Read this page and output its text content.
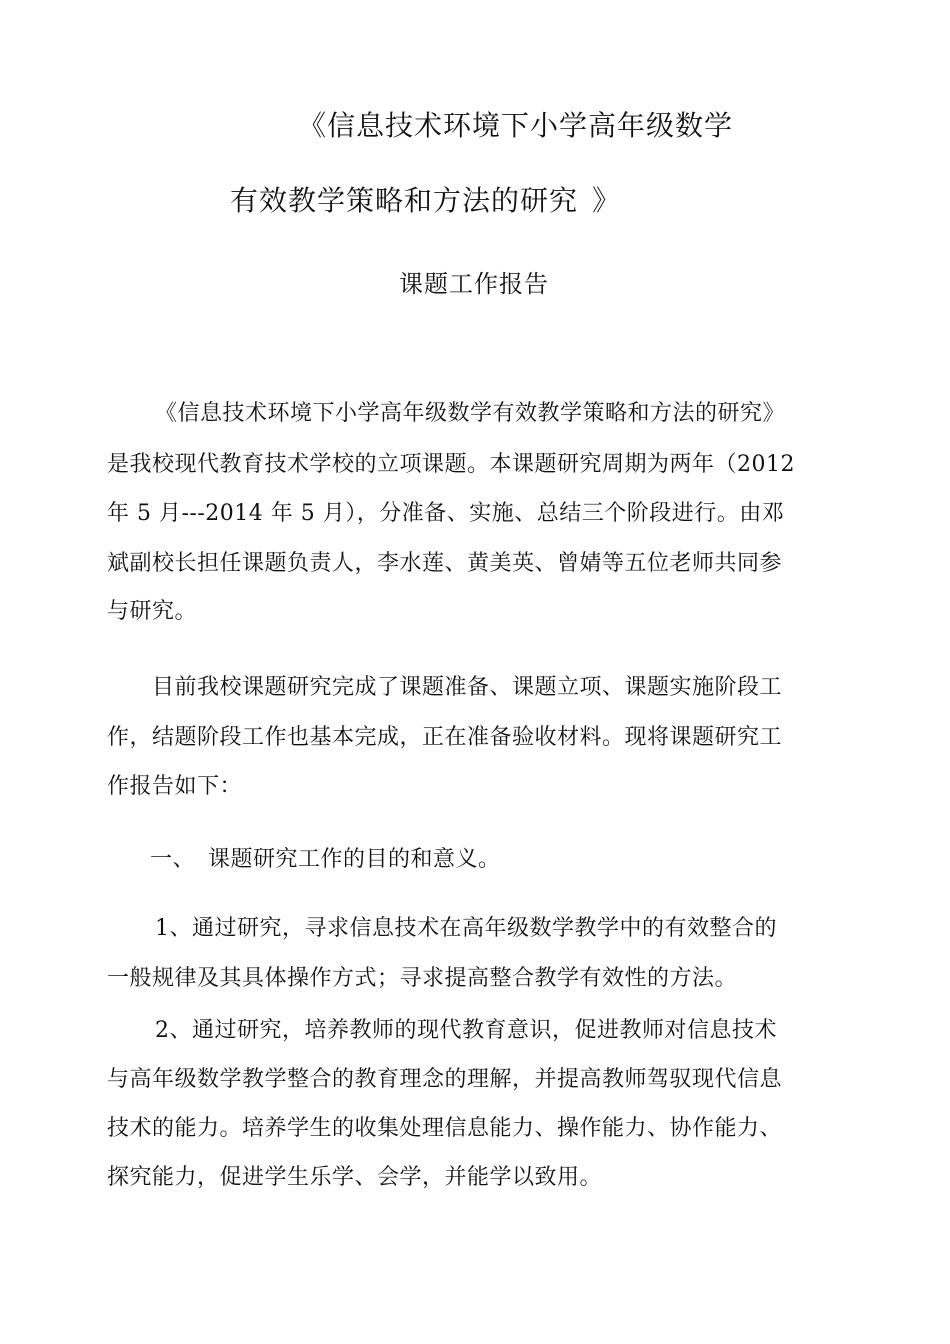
《信息技术环境下小学高年级数学
有效教学策略和方法的研究 》
课题工作报告
《信息技术环境下小学高年级数学有效教学策略和方法的研究》
是我校现代教育技术学校的立项课题。本课题研究周期为两年（2012
年 5 月---2014 年 5 月），分准备、实施、总结三个阶段进行。由邓
斌副校长担任课题负责人，李水莲、黄美英、曾婧等五位老师共同参
与研究。
目前我校课题研究完成了课题准备、课题立项、课题实施阶段工
作，结题阶段工作也基本完成，正在准备验收材料。现将课题研究工
作报告如下：
一、 课题研究工作的目的和意义。
1、通过研究，寻求信息技术在高年级数学教学中的有效整合的
一般规律及其具体操作方式；寻求提高整合教学有效性的方法。
2、通过研究，培养教师的现代教育意识，促进教师对信息技术
与高年级数学教学整合的教育理念的理解，并提高教师驾驭现代信息
技术的能力。培养学生的收集处理信息能力、操作能力、协作能力、
探究能力，促进学生乐学、会学，并能学以致用。
